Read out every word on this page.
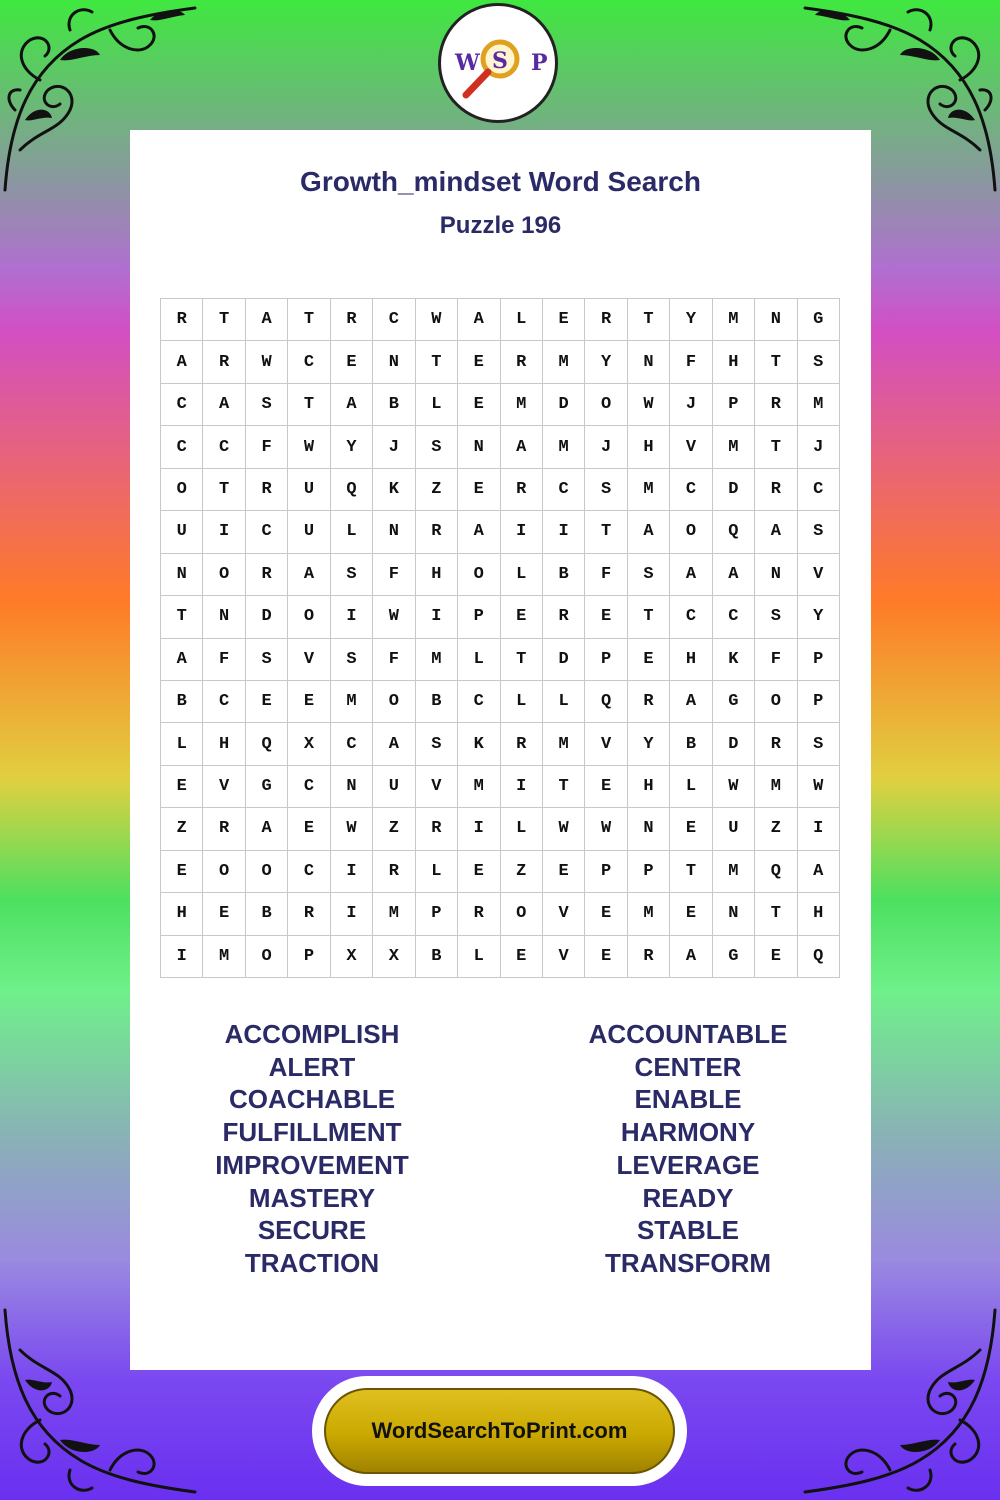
W S P
Growth_mindset Word Search
Puzzle 196
R	T	A	T	R	C	W	A	L	E	R	T	Y	M	N	G
A	R	W	C	E	N	T	E	R	M	Y	N	F	H	T	S
C	A	S	T	A	B	L	E	M	D	O	W	J	P	R	M
C	C	F	W	Y	J	S	N	A	M	J	H	V	M	T	J
O	T	R	U	Q	K	Z	E	R	C	S	M	C	D	R	C
U	I	C	U	L	N	R	A	I	I	T	A	O	Q	A	S
N	O	R	A	S	F	H	O	L	B	F	S	A	A	N	V
T	N	D	O	I	W	I	P	E	R	E	T	C	C	S	Y
A	F	S	V	S	F	M	L	T	D	P	E	H	K	F	P
B	C	E	E	M	O	B	C	L	L	Q	R	A	G	O	P
L	H	Q	X	C	A	S	K	R	M	V	Y	B	D	R	S
E	V	G	C	N	U	V	M	I	T	E	H	L	W	M	W
Z	R	A	E	W	Z	R	I	L	W	W	N	E	U	Z	I
E	O	O	C	I	R	L	E	Z	E	P	P	T	M	Q	A
H	E	B	R	I	M	P	R	O	V	E	M	E	N	T	H
I	M	O	P	X	X	B	L	E	V	E	R	A	G	E	Q
ACCOMPLISH
ALERT
COACHABLE
FULFILLMENT
IMPROVEMENT
MASTERY
SECURE
TRACTION
ACCOUNTABLE
CENTER
ENABLE
HARMONY
LEVERAGE
READY
STABLE
TRANSFORM
WordSearchToPrint.com
